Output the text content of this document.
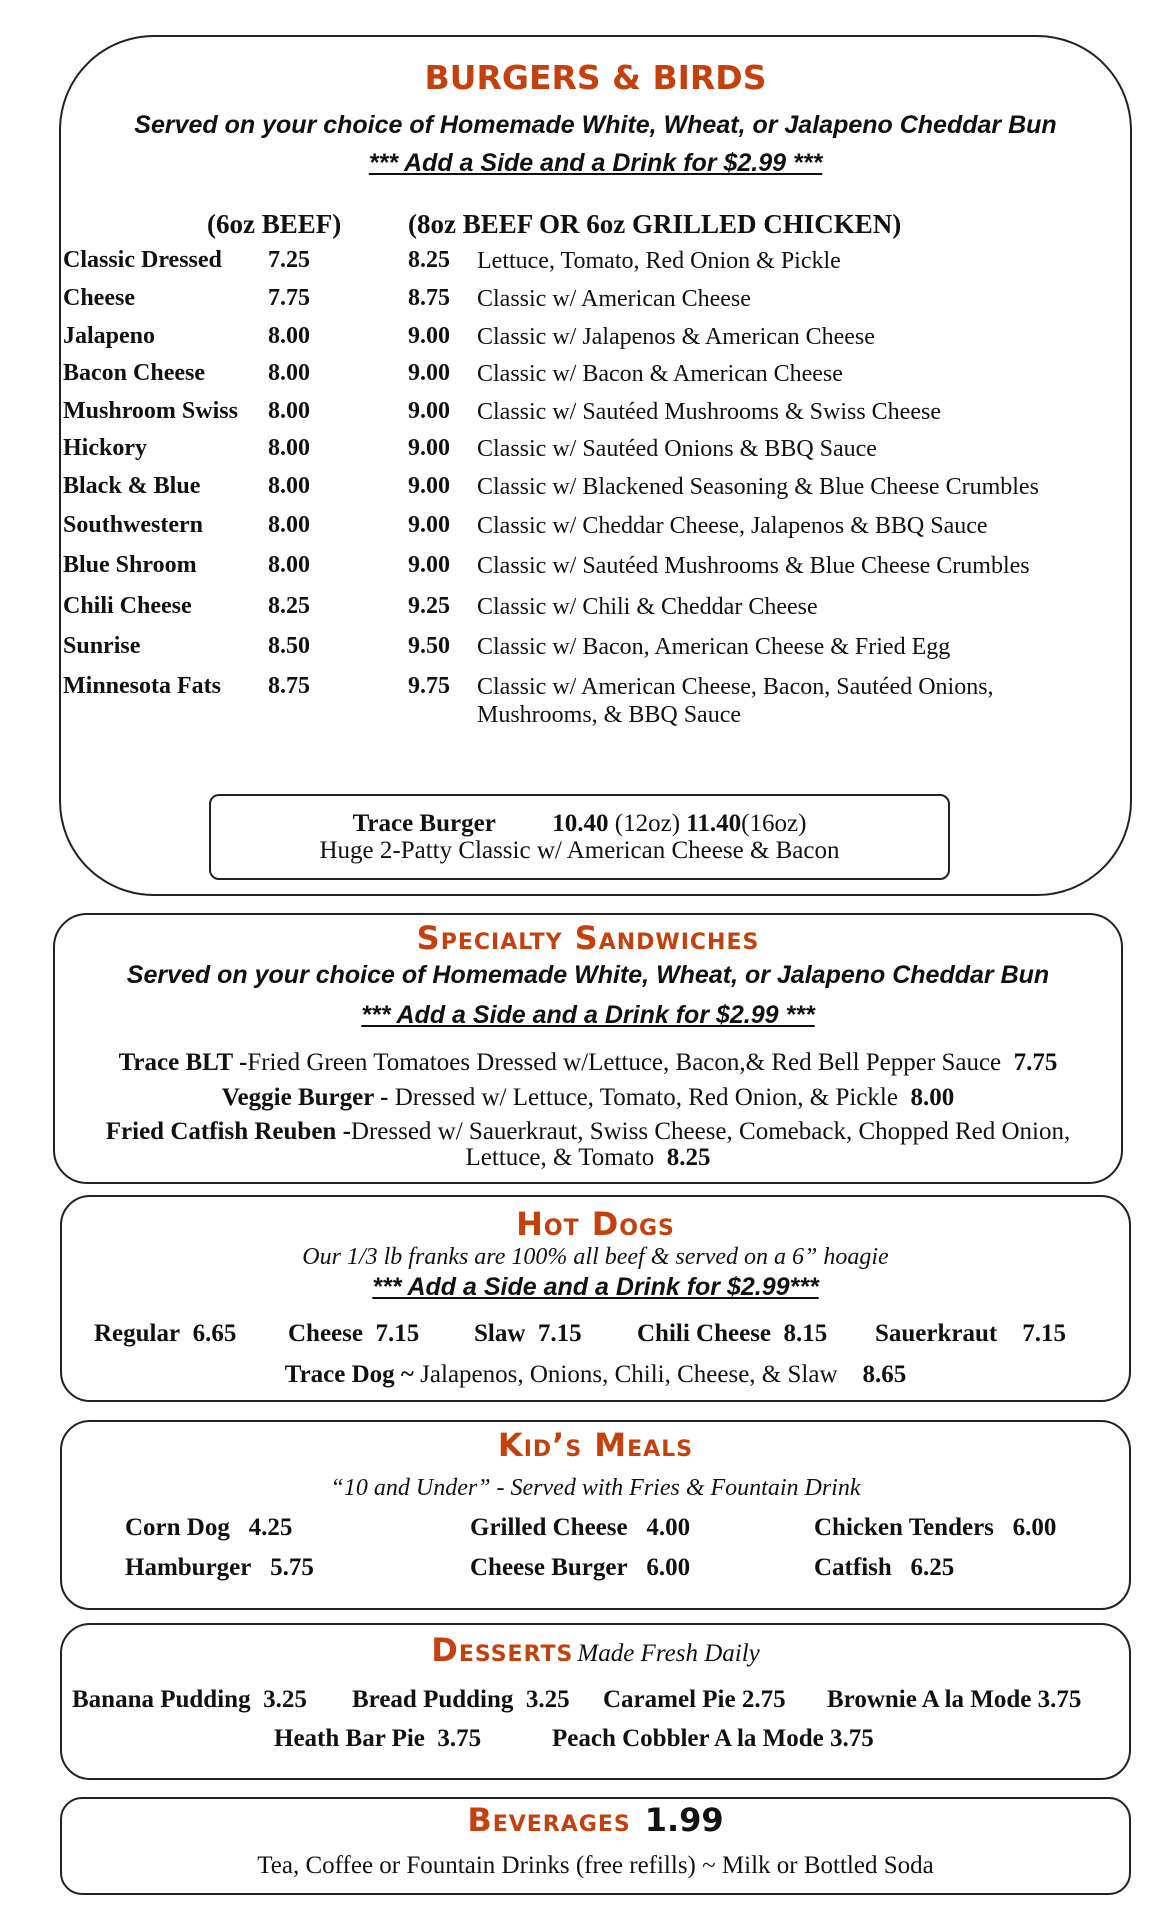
BURGERS & BIRDS
Served on your choice of Homemade White, Wheat, or Jalapeno Cheddar Bun
*** Add a Side and a Drink for $2.99 ***
(6oz BEEF) (8oz BEEF OR 6oz GRILLED CHICKEN)
Classic Dressed 7.25	8.25 Lettuce, Tomato, Red Onion & Pickle
Cheese	7.75	8.75 Classic w/ American Cheese
Jalapeno	8.00	9.00 Classic w/ Jalapenos & American Cheese
Bacon Cheese	8.00	9.00 Classic w/ Bacon & American Cheese
Mushroom Swiss 8.00	9.00 Classic w/ Sautéed Mushrooms & Swiss Cheese
Hickory	8.00	9.00 Classic w/ Sautéed Onions & BBQ Sauce
Black & Blue	8.00	9.00 Classic w/ Blackened Seasoning & Blue Cheese Crumbles
Southwestern	8.00	9.00 Classic w/ Cheddar Cheese, Jalapenos & BBQ Sauce
Blue Shroom	8.00	9.00 Classic w/ Sautéed Mushrooms & Blue Cheese Crumbles
Chili Cheese	8.25	9.25 Classic w/ Chili & Cheddar Cheese
Sunrise	8.50	9.50 Classic w/ Bacon, American Cheese & Fried Egg
Minnesota Fats 8.75	9.75 Classic w/ American Cheese, Bacon, Sautéed Onions,
Mushrooms, & BBQ Sauce
Trace Burger 10.40 (12oz) 11.40(16oz)
Huge 2-Patty Classic w/ American Cheese & Bacon
Specialty Sandwiches
Served on your choice of Homemade White, Wheat, or Jalapeno Cheddar Bun
*** Add a Side and a Drink for $2.99 ***
Trace BLT -Fried Green Tomatoes Dressed w/Lettuce, Bacon,& Red Bell Pepper Sauce 7.75
Veggie Burger - Dressed w/ Lettuce, Tomato, Red Onion, & Pickle 8.00
Fried Catfish Reuben -Dressed w/ Sauerkraut, Swiss Cheese, Comeback, Chopped Red Onion,
Lettuce, & Tomato 8.25
Hot Dogs
Our 1/3 lb franks are 100% all beef & served on a 6” hoagie
*** Add a Side and a Drink for $2.99***
Regular 6.65 Cheese 7.15 Slaw 7.15 Chili Cheese 8.15 Sauerkraut 7.15
Trace Dog ~ Jalapenos, Onions, Chili, Cheese, & Slaw 8.65
Kid’s Meals
“10 and Under” - Served with Fries & Fountain Drink
Corn Dog 4.25	Grilled Cheese 4.00	Chicken Tenders 6.00
Hamburger 5.75	Cheese Burger 6.00	Catfish 6.25
Desserts Made Fresh Daily
Banana Pudding 3.25 Bread Pudding 3.25 Caramel Pie 2.75 Brownie A la Mode 3.75
Heath Bar Pie 3.75	Peach Cobbler A la Mode 3.75
Beverages 1.99
Tea, Coffee or Fountain Drinks (free refills) ~ Milk or Bottled Soda
